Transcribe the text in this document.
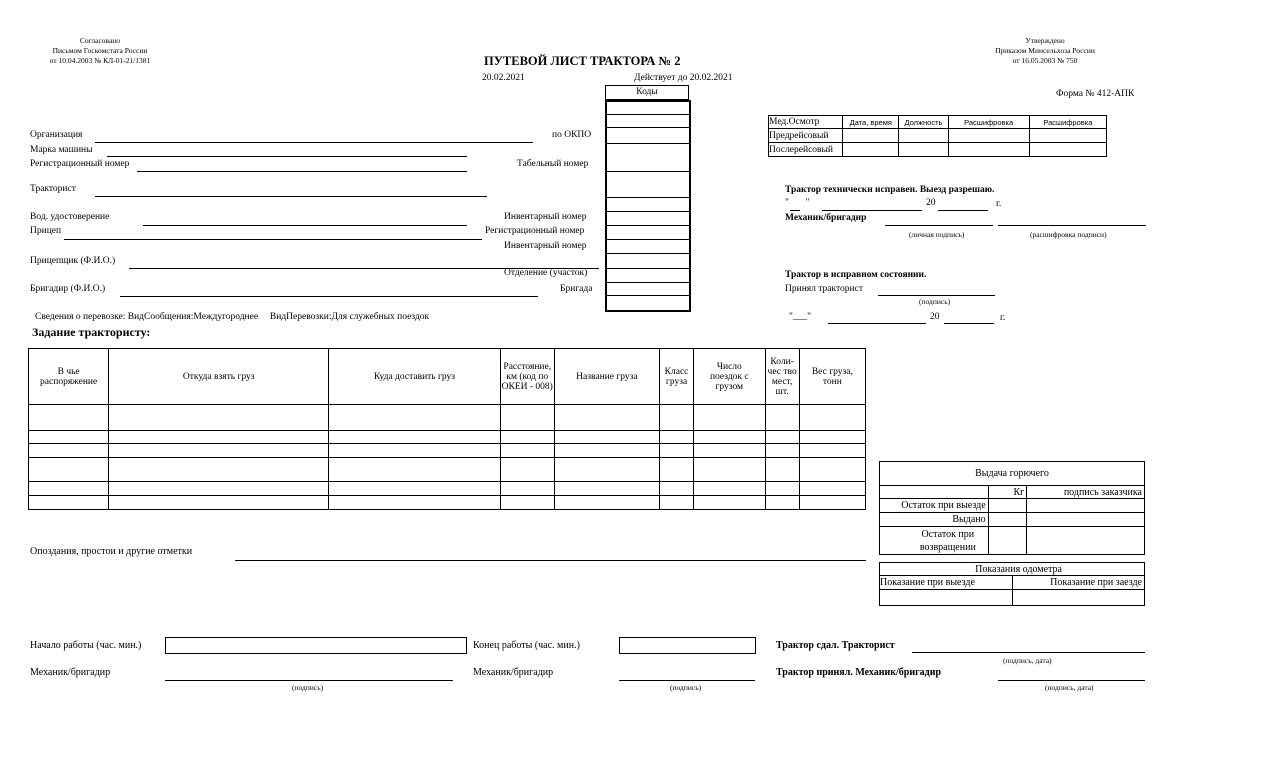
Согласовано
Письмом Госкомстата России
от 10.04.2003 № КЛ-01-21/1381
Утверждено
Приказом Минсельхоза России
от 16.05.2003 № 750
ПУТЕВОЙ ЛИСТ ТРАКТОРА № 2
20.02.2021	Действует до 20.02.2021
Форма № 412-АПК
Коды
Организация	по ОКПО
Марка машины
Регистрационный номер	Табельный номер
Тракторист
Вод. удостоверение	Инвентарный номер
Прицеп	Регистрационный номер
Инвентарный номер
Прицепщик (Ф.И.О.)
Отделение (участок)
Бригадир (Ф.И.О.)	Бригада
Сведения о перевозке: ВидСообщения:Междугороднее     ВидПеревозки:Для служебных поездок
Мед.Осмотр	Дата, время	Должность	Расшифровка	Расшифровка
Предрейсовый				
Послерейсовый				
Трактор технически исправен. Выезд разрешаю.
"       "	20	г.
Механик/бригадир
(личная подпись)	(расшифровка подписи)
Трактор в исправном состоянии.
Принял тракторист
(подпись)
"___"	20	г.
Задание трактористу:
В чье распоряжение	Откуда взять груз	Куда доставить груз	Расстояние, км (код по ОКЕИ - 008)	Название груза	Класс груза	Число поездок с грузом	Коли-чес тво мест, шт.	Вес груза, тонн

Выдача горючего		
	Кг	подпись заказчика
Остаток при выезде		
Выдано		
Остаток при возвращении		
Показания одометра	
Показание при выезде	Показание при заезде

Опоздания, простои и другие отметки
Начало работы (час. мин.)	Конец работы (час. мин.)	Трактор сдал. Тракторист
(подпись, дата)
Механик/бригадир
(подпись)
Механик/бригадир
(подпись)
Трактор принял. Механик/бригадир
(подпись, дата)
